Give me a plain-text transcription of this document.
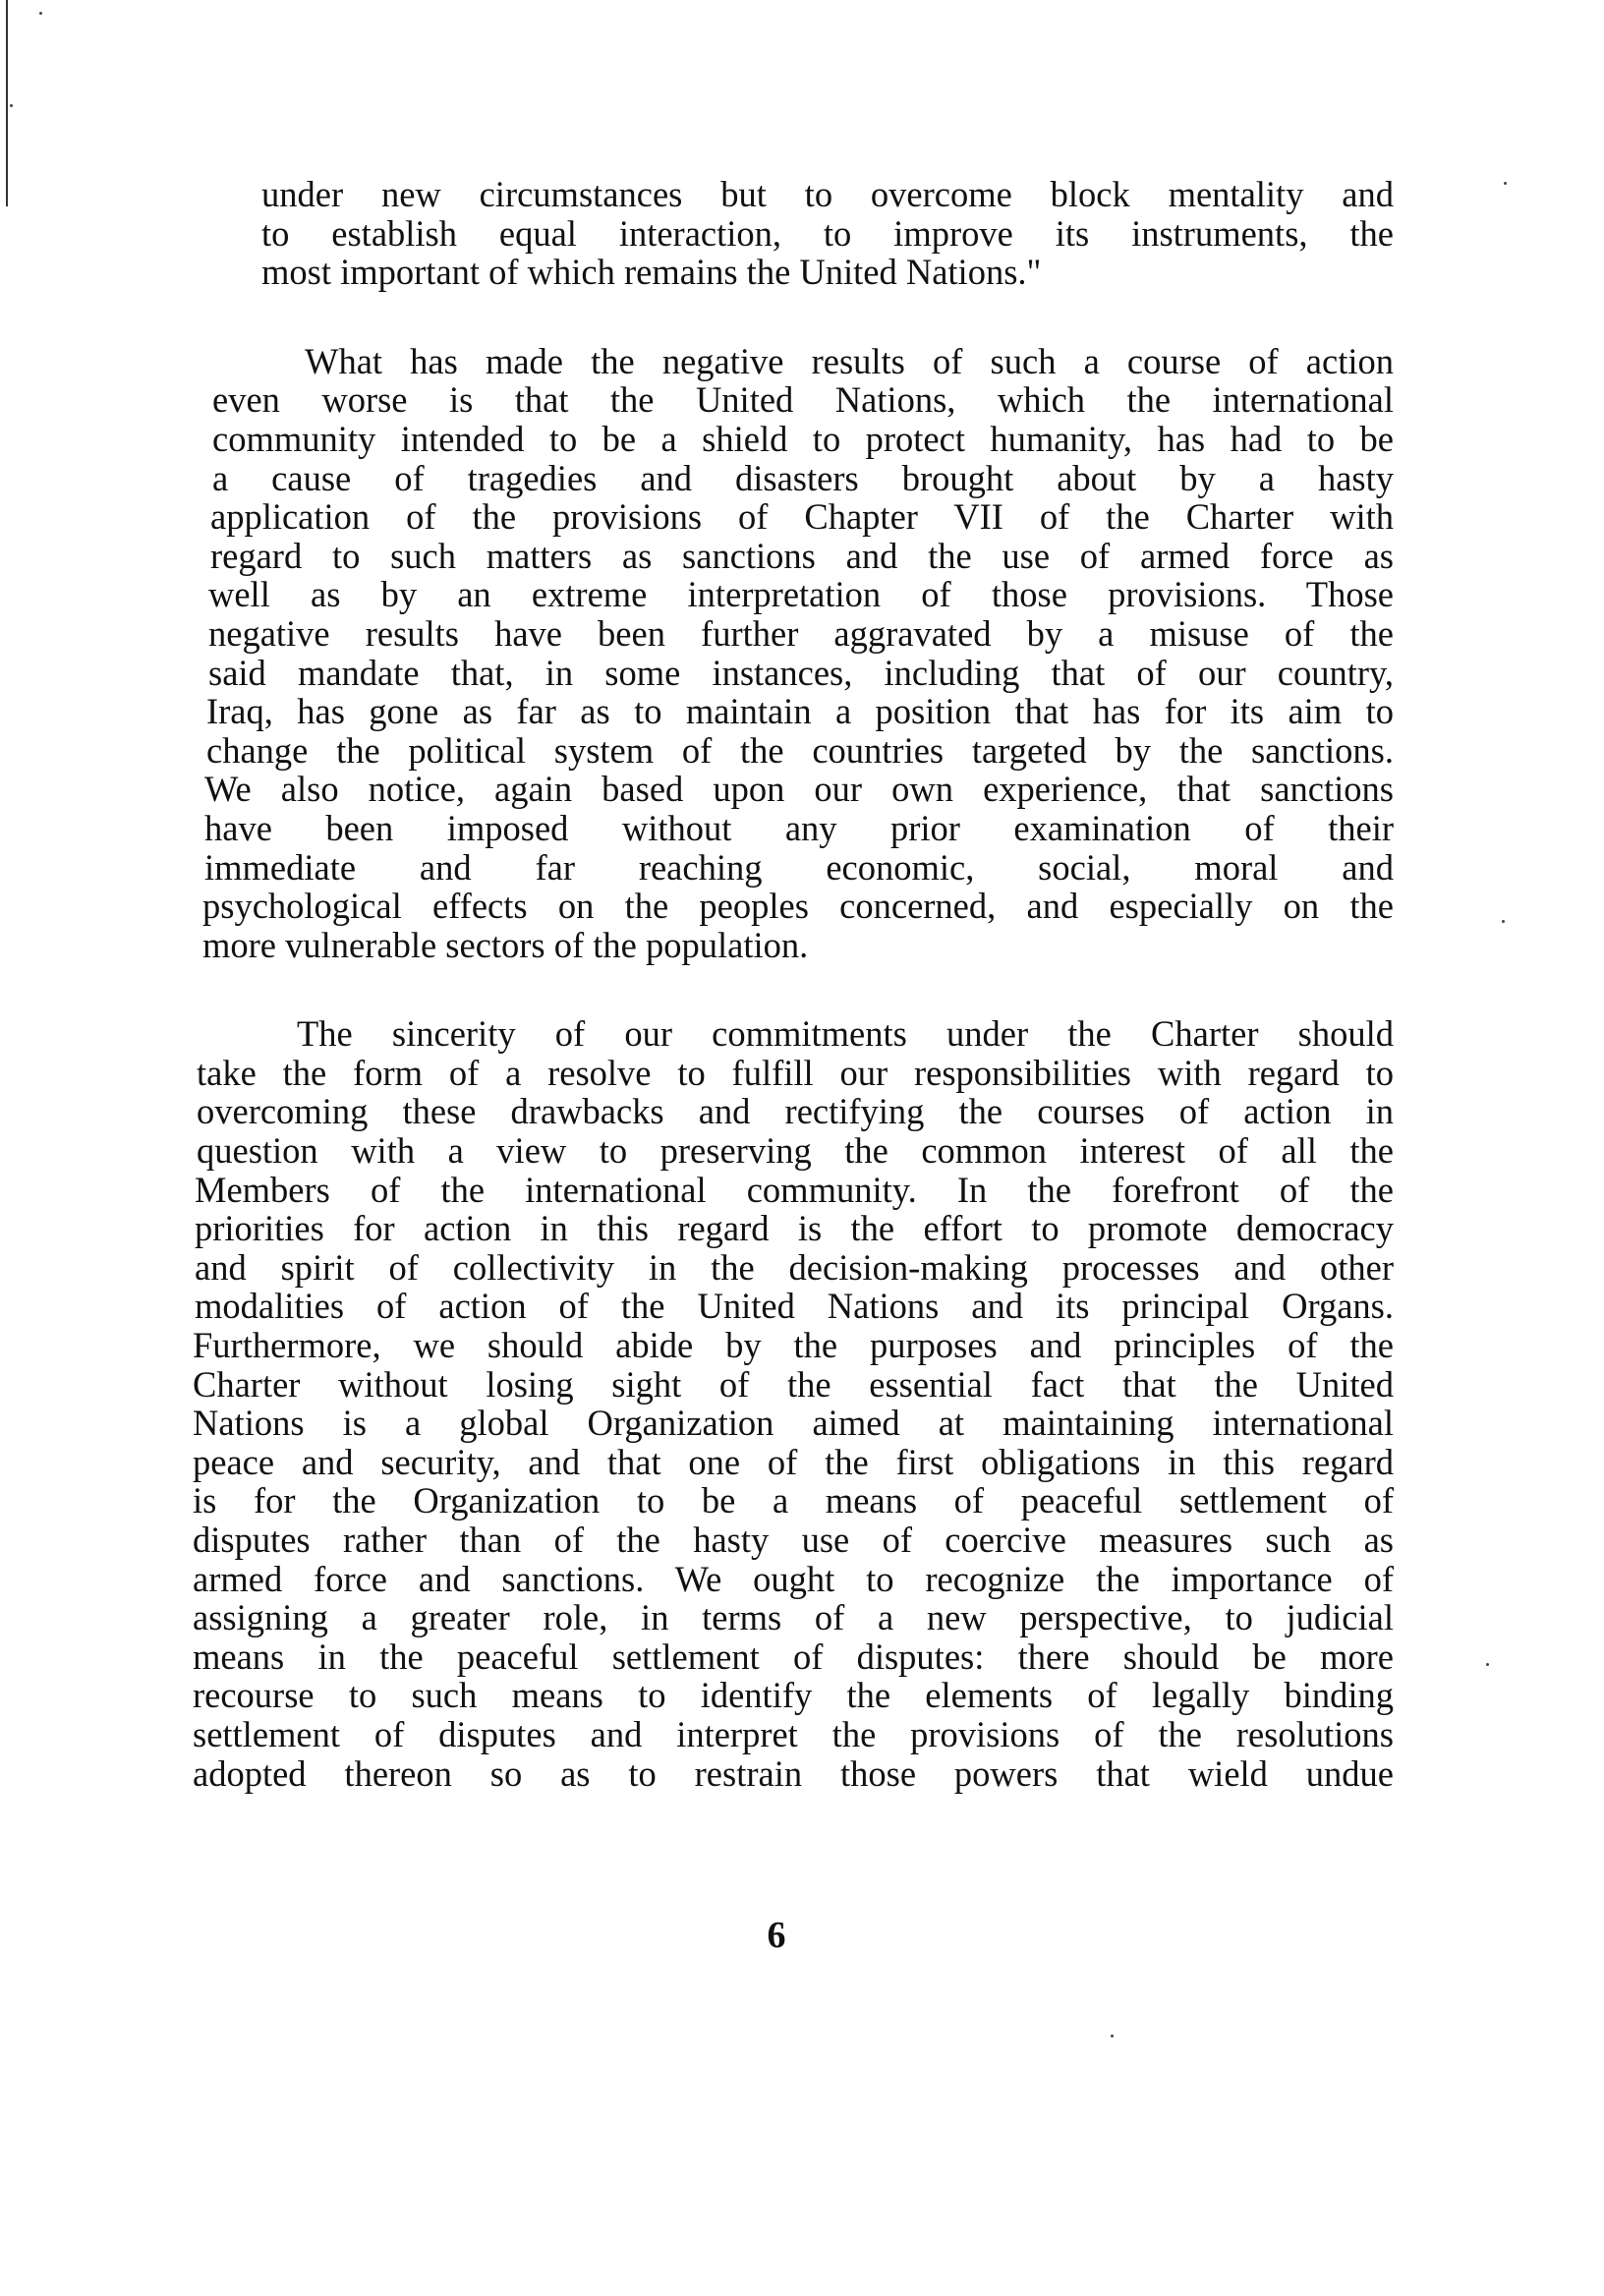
under new circumstances but to overcome block mentality and
to establish equal interaction, to improve its instruments, the
most important of which remains the United Nations."
What has made the negative results of such a course of action
even worse is that the United Nations, which the international
community intended to be a shield to protect humanity, has had to be
a cause of tragedies and disasters brought about by a hasty
application of the provisions of Chapter VII of the Charter with
regard to such matters as sanctions and the use of armed force as
well as by an extreme interpretation of those provisions. Those
negative results have been further aggravated by a misuse of the
said mandate that, in some instances, including that of our country,
Iraq, has gone as far as to maintain a position that has for its aim to
change the political system of the countries targeted by the sanctions.
We also notice, again based upon our own experience, that sanctions
have been imposed without any prior examination of their
immediate and far reaching economic, social, moral and
psychological effects on the peoples concerned, and especially on the
more vulnerable sectors of the population.
The sincerity of our commitments under the Charter should
take the form of a resolve to fulfill our responsibilities with regard to
overcoming these drawbacks and rectifying the courses of action in
question with a view to preserving the common interest of all the
Members of the international community. In the forefront of the
priorities for action in this regard is the effort to promote democracy
and spirit of collectivity in the decision-making processes and other
modalities of action of the United Nations and its principal Organs.
Furthermore, we should abide by the purposes and principles of the
Charter without losing sight of the essential fact that the United
Nations is a global Organization aimed at maintaining international
peace and security, and that one of the first obligations in this regard
is for the Organization to be a means of peaceful settlement of
disputes rather than of the hasty use of coercive measures such as
armed force and sanctions. We ought to recognize the importance of
assigning a greater role, in terms of a new perspective, to judicial
means in the peaceful settlement of disputes: there should be more
recourse to such means to identify the elements of legally binding
settlement of disputes and interpret the provisions of the resolutions
adopted thereon so as to restrain those powers that wield undue
6
